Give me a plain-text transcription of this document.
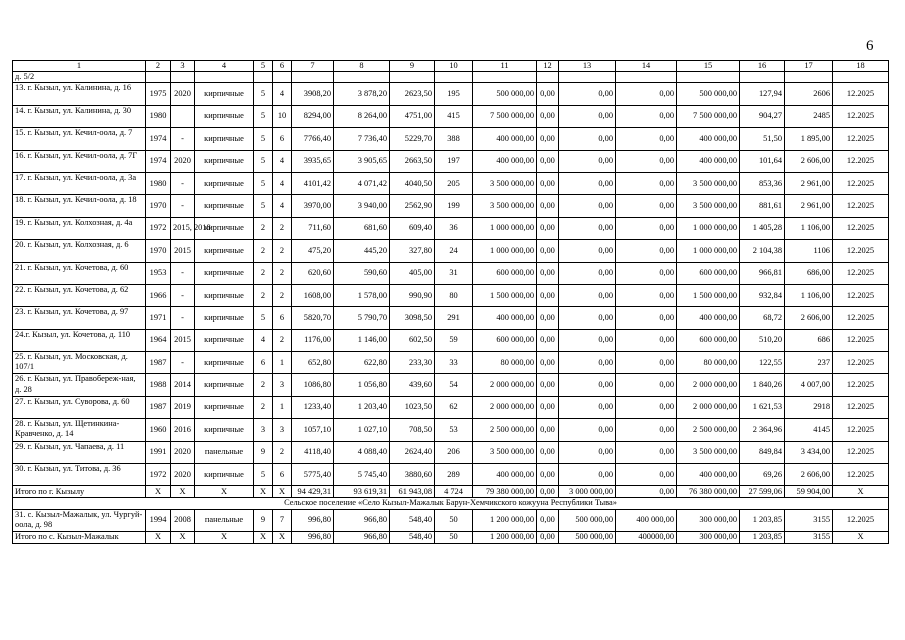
6
1	2	3	4	5	6	7	8	9	10	11	12	13	14	15	16	17	18
д. 5/2																	
13. г. Кызыл, ул. Калинина, д. 16	1975	2020	кирпичные	5	4	3908,20	3 878,20	2623,50	195	500 000,00	0,00	0,00	0,00	500 000,00	127,94	2606	12.2025
14. г. Кызыл, ул. Калинина, д. 30	1980		кирпичные	5	10	8294,00	8 264,00	4751,00	415	7 500 000,00	0,00	0,00	0,00	7 500 000,00	904,27	2485	12.2025
15. г. Кызыл, ул. Кечил-оола, д. 7	1974	-	кирпичные	5	6	7766,40	7 736,40	5229,70	388	400 000,00	0,00	0,00	0,00	400 000,00	51,50	1 895,00	12.2025
16. г. Кызыл, ул. Кечил-оола, д. 7Г	1974	2020	кирпичные	5	4	3935,65	3 905,65	2663,50	197	400 000,00	0,00	0,00	0,00	400 000,00	101,64	2 606,00	12.2025
17. г. Кызыл, ул. Кечил-оола, д. 3а	1980	-	кирпичные	5	4	4101,42	4 071,42	4040,50	205	3 500 000,00	0,00	0,00	0,00	3 500 000,00	853,36	2 961,00	12.2025
18. г. Кызыл, ул. Кечил-оола, д. 18	1970	-	кирпичные	5	4	3970,00	3 940,00	2562,90	199	3 500 000,00	0,00	0,00	0,00	3 500 000,00	881,61	2 961,00	12.2025
19. г. Кызыл, ул. Колхозная, д. 4а	1972	2015, 2018	кирпичные	2	2	711,60	681,60	609,40	36	1 000 000,00	0,00	0,00	0,00	1 000 000,00	1 405,28	1 106,00	12.2025
20. г. Кызыл, ул. Колхозная, д. 6	1970	2015	кирпичные	2	2	475,20	445,20	327,80	24	1 000 000,00	0,00	0,00	0,00	1 000 000,00	2 104,38	1106	12.2025
21. г. Кызыл, ул. Кочетова, д. 60	1953	-	кирпичные	2	2	620,60	590,60	405,00	31	600 000,00	0,00	0,00	0,00	600 000,00	966,81	686,00	12.2025
22. г. Кызыл, ул. Кочетова, д. 62	1966	-	кирпичные	2	2	1608,00	1 578,00	990,90	80	1 500 000,00	0,00	0,00	0,00	1 500 000,00	932,84	1 106,00	12.2025
23. г. Кызыл, ул. Кочетова, д. 97	1971	-	кирпичные	5	6	5820,70	5 790,70	3098,50	291	400 000,00	0,00	0,00	0,00	400 000,00	68,72	2 606,00	12.2025
24.г. Кызыл, ул. Кочетова, д. 110	1964	2015	кирпичные	4	2	1176,00	1 146,00	602,50	59	600 000,00	0,00	0,00	0,00	600 000,00	510,20	686	12.2025
25. г. Кызыл, ул. Московская, д. 107/1	1987	-	кирпичные	6	1	652,80	622,80	233,30	33	80 000,00	0,00	0,00	0,00	80 000,00	122,55	237	12.2025
26. г. Кызыл, ул. Правобереж-ная, д. 28	1988	2014	кирпичные	2	3	1086,80	1 056,80	439,60	54	2 000 000,00	0,00	0,00	0,00	2 000 000,00	1 840,26	4 007,00	12.2025
27. г. Кызыл, ул. Суворова, д. 60	1987	2019	кирпичные	2	1	1233,40	1 203,40	1023,50	62	2 000 000,00	0,00	0,00	0,00	2 000 000,00	1 621,53	2918	12.2025
28. г. Кызыл, ул. Щетинкина-Кравченко, д. 14	1960	2016	кирпичные	3	3	1057,10	1 027,10	708,50	53	2 500 000,00	0,00	0,00	0,00	2 500 000,00	2 364,96	4145	12.2025
29. г. Кызыл, ул. Чапаева, д. 11	1991	2020	панельные	9	2	4118,40	4 088,40	2624,40	206	3 500 000,00	0,00	0,00	0,00	3 500 000,00	849,84	3 434,00	12.2025
30. г. Кызыл, ул. Титова, д. 36	1972	2020	кирпичные	5	6	5775,40	5 745,40	3880,60	289	400 000,00	0,00	0,00	0,00	400 000,00	69,26	2 606,00	12.2025
Итого по г. Кызылу	X	X	X	X	X	94 429,31	93 619,31	61 943,08	4 724	79 380 000,00	0,00	3 000 000,00	0,00	76 380 000,00	27 599,06	59 904,00	X
Сельское поселение «Село Кызыл-Мажалык Барун-Хемчикского кожууна Республики Тыва»																	
31. с. Кызыл-Мажалык, ул. Чургуй-оола, д. 98	1994	2008	панельные	9	7	996,80	966,80	548,40	50	1 200 000,00	0,00	500 000,00	400 000,00	300 000,00	1 203,85	3155	12.2025
Итого по с. Кызыл-Мажалык	X	X	X	X	X	996,80	966,80	548,40	50	1 200 000,00	0,00	500 000,00	400000,00	300 000,00	1 203,85	3155	X
